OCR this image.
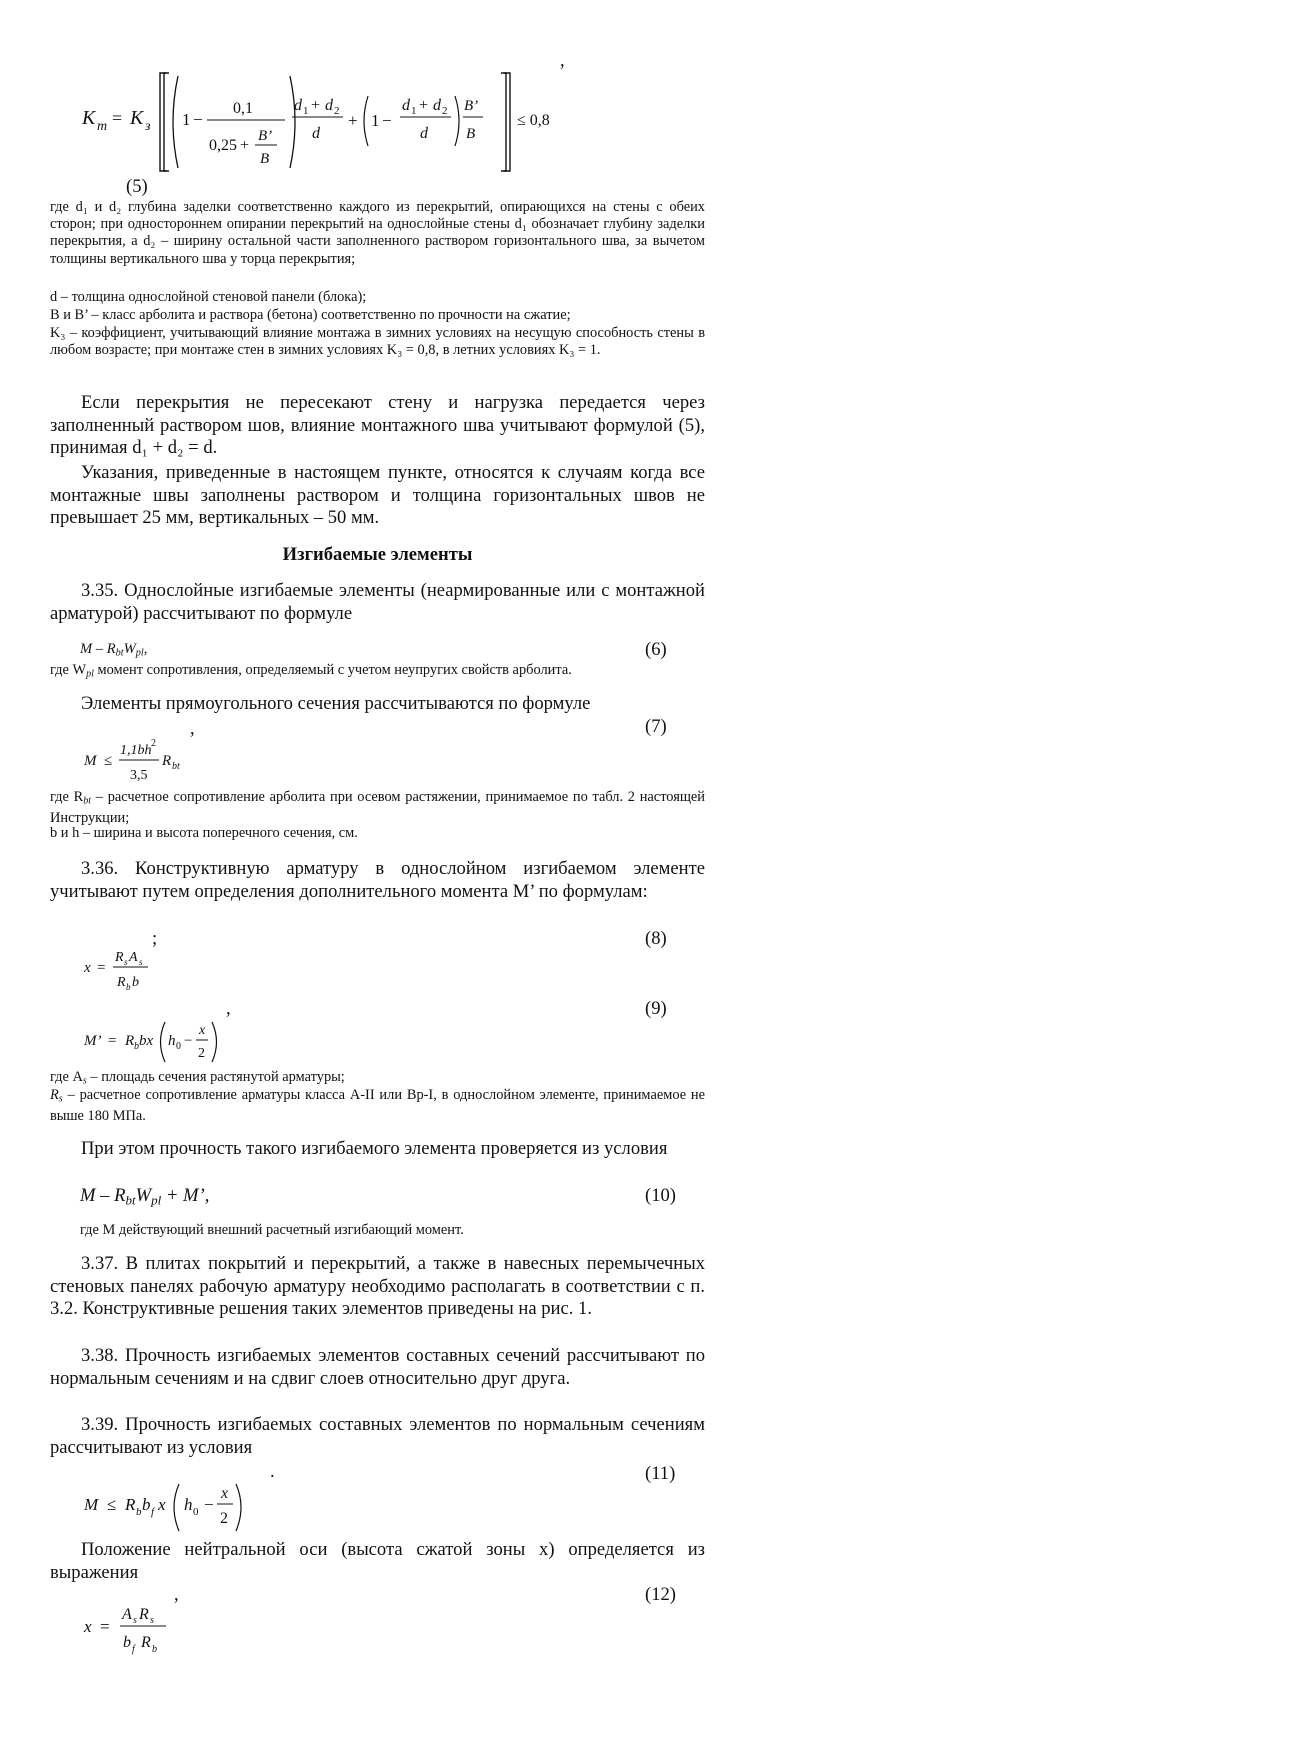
,
K m = K з 1 −
0,1
0,25 +
B’
B
d 1 + d 2
d
+ 1 −
d 1 + d 2
d
B’
B
≤ 0,8
(5)
где d₁ и d₂ глубина заделки соответственно каждого из перекрытий, опирающихся на стены с обеих сторон; при одностороннем опирании перекрытий на однослойные стены d₁ обозначает глубину заделки перекрытия, а d₂ – ширину остальной части заполненного раствором горизонтального шва, за вычетом толщины вертикального шва у торца перекрытия;
d – толщина однослойной стеновой панели (блока);
B и B’ – класс арболита и раствора (бетона) соответственно по прочности на сжатие;
K₃ – коэффициент, учитывающий влияние монтажа в зимних условиях на несущую способность стены в любом возрасте; при монтаже стен в зимних условиях K₃ = 0,8, в летних условиях K₃ = 1.
Если перекрытия не пересекают стену и нагрузка передается через заполненный раствором шов, влияние монтажного шва учитывают формулой (5), принимая d₁ + d₂ = d.
Указания, приведенные в настоящем пункте, относятся к случаям когда все монтажные швы заполнены раствором и толщина горизонтальных швов не превышает 25 мм, вертикальных – 50 мм.
Изгибаемые элементы
3.35. Однослойные изгибаемые элементы (неармированные или с монтажной арматурой) рассчитывают по формуле
M – $R_{bt}W_{pl}$,	(6)
где $W_{pl}$ момент сопротивления, определяемый с учетом неупругих свойств арболита.
Элементы прямоугольного сечения рассчитываются по формуле
,	(7)
M ≤
1,1bh 2
3,5
R bt
где $R_{bt}$ – расчетное сопротивление арболита при осевом растяжении, принимаемое по табл. 2 настоящей Инструкции;
b и h – ширина и высота поперечного сечения, см.
3.36. Конструктивную арматуру в однослойном изгибаемом элементе учитывают путем определения дополнительного момента M’ по формулам:
;	(8)
x =
R s A s
R b b
,	(9)
M’ = R b bx h 0 −
x
2
где $A_s$ – площадь сечения растянутой арматуры;
$R_s$ – расчетное сопротивление арматуры класса А-II или Вр-I, в однослойном элементе, принимаемое не выше 180 МПа.
При этом прочность такого изгибаемого элемента проверяется из условия
$M - R_{bt}W_{pl} + M$’,	(10)
где M действующий внешний расчетный изгибающий момент.
3.37. В плитах покрытий и перекрытий, а также в навесных перемычечных стеновых панелях рабочую арматуру необходимо располагать в соответствии с п. 3.2. Конструктивные решения таких элементов приведены на рис. 1.
3.38. Прочность изгибаемых элементов составных сечений рассчитывают по нормальным сечениям и на сдвиг слоев относительно друг друга.
3.39. Прочность изгибаемых составных элементов по нормальным сечениям рассчитывают из условия
.	(11)
M ≤ R b b f x h 0 −
x
2
Положение нейтральной оси (высота сжатой зоны x) определяется из выражения
,	(12)
x =
A s R s
b f R b
